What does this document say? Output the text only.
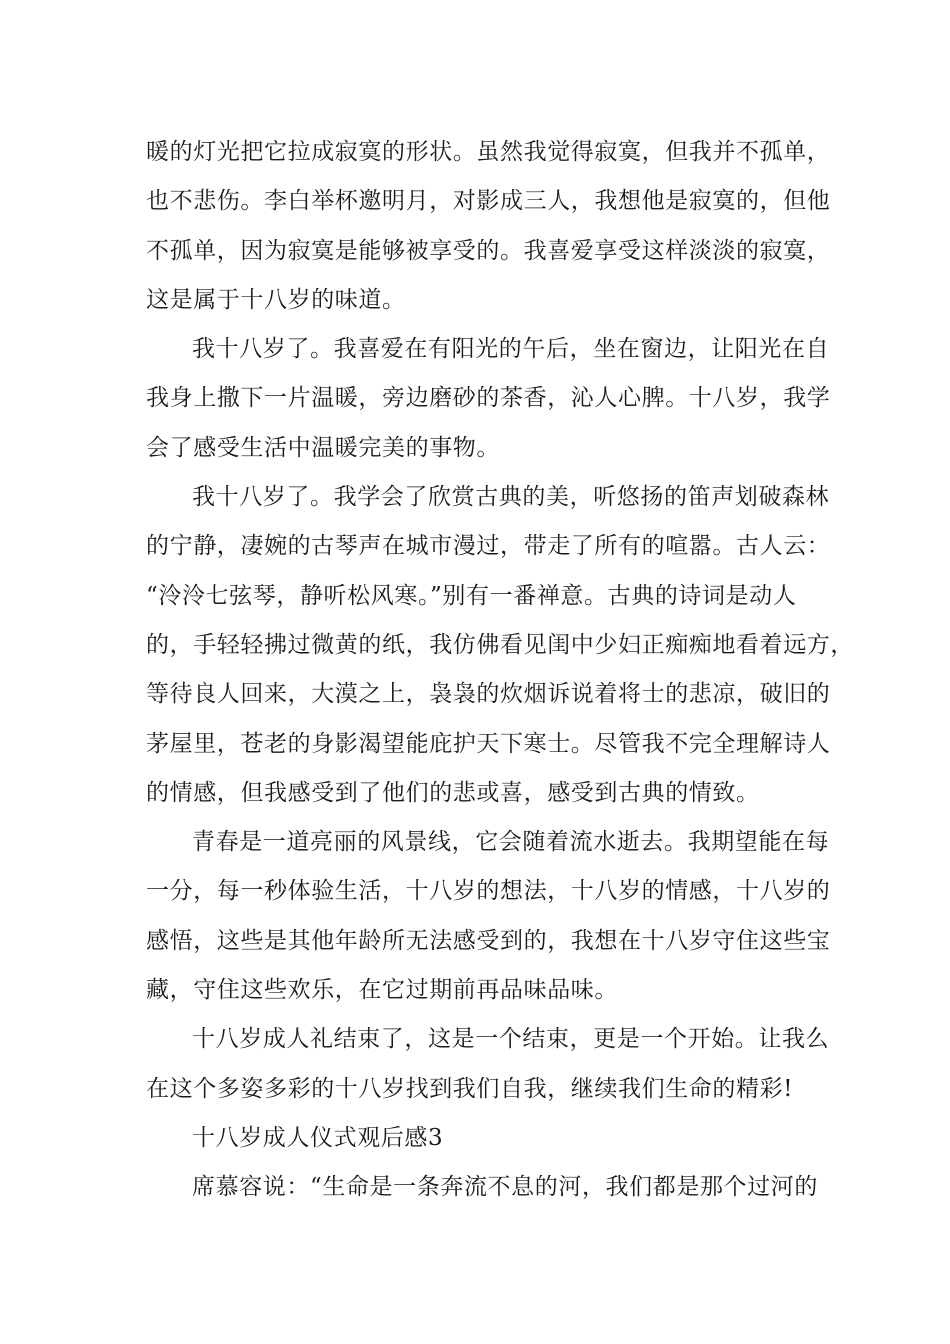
暖的灯光把它拉成寂寞的形状。虽然我觉得寂寞，但我并不孤单，
也不悲伤。李白举杯邀明月，对影成三人，我想他是寂寞的，但他
不孤单，因为寂寞是能够被享受的。我喜爱享受这样淡淡的寂寞，
这是属于十八岁的味道。
我十八岁了。我喜爱在有阳光的午后，坐在窗边，让阳光在自
我身上撒下一片温暖，旁边磨砂的茶香，沁人心脾。十八岁，我学
会了感受生活中温暖完美的事物。
我十八岁了。我学会了欣赏古典的美，听悠扬的笛声划破森林
的宁静，凄婉的古琴声在城市漫过，带走了所有的喧嚣。古人云：
“泠泠七弦琴，静听松风寒。”别有一番禅意。古典的诗词是动人
的，手轻轻拂过微黄的纸，我仿佛看见闺中少妇正痴痴地看着远方，
等待良人回来，大漠之上，袅袅的炊烟诉说着将士的悲凉，破旧的
茅屋里，苍老的身影渴望能庇护天下寒士。尽管我不完全理解诗人
的情感，但我感受到了他们的悲或喜，感受到古典的情致。
青春是一道亮丽的风景线，它会随着流水逝去。我期望能在每
一分，每一秒体验生活，十八岁的想法，十八岁的情感，十八岁的
感悟，这些是其他年龄所无法感受到的，我想在十八岁守住这些宝
藏，守住这些欢乐，在它过期前再品味品味。
十八岁成人礼结束了，这是一个结束，更是一个开始。让我么
在这个多姿多彩的十八岁找到我们自我，继续我们生命的精彩!
十八岁成人仪式观后感3
席慕容说：“生命是一条奔流不息的河，我们都是那个过河的
